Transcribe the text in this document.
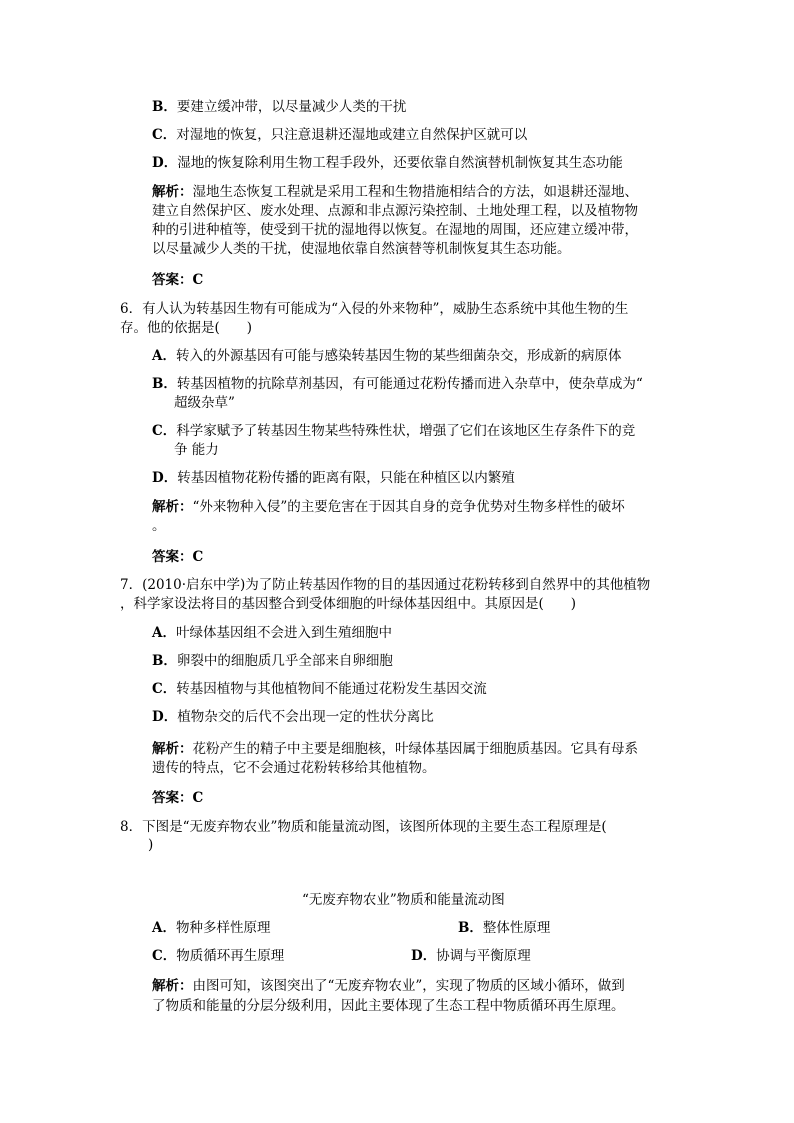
B．要建立缓冲带，以尽量减少人类的干扰
C．对湿地的恢复，只注意退耕还湿地或建立自然保护区就可以
D．湿地的恢复除利用生物工程手段外，还要依靠自然演替机制恢复其生态功能
解析：湿地生态恢复工程就是采用工程和生物措施相结合的方法，如退耕还湿地、
建立自然保护区、废水处理、点源和非点源污染控制、土地处理工程，以及植物物
种的引进种植等，使受到干扰的湿地得以恢复。在湿地的周围，还应建立缓冲带，
以尽量减少人类的干扰，使湿地依靠自然演替等机制恢复其生态功能。
答案：C
6．有人认为转基因生物有可能成为“入侵的外来物种”，威胁生态系统中其他生物的生
存。他的依据是(　　)
A．转入的外源基因有可能与感染转基因生物的某些细菌杂交，形成新的病原体
B．转基因植物的抗除草剂基因，有可能通过花粉传播而进入杂草中，使杂草成为“
超级杂草”
C．科学家赋予了转基因生物某些特殊性状，增强了它们在该地区生存条件下的竞
争 能力
D．转基因植物花粉传播的距离有限，只能在种植区以内繁殖
解析：“外来物种入侵”的主要危害在于因其自身的竞争优势对生物多样性的破坏
。
答案：C
7．(2010·启东中学)为了防止转基因作物的目的基因通过花粉转移到自然界中的其他植物
，科学家设法将目的基因整合到受体细胞的叶绿体基因组中。其原因是(　　)
A．叶绿体基因组不会进入到生殖细胞中
B．卵裂中的细胞质几乎全部来自卵细胞
C．转基因植物与其他植物间不能通过花粉发生基因交流
D．植物杂交的后代不会出现一定的性状分离比
解析：花粉产生的精子中主要是细胞核，叶绿体基因属于细胞质基因。它具有母系
遗传的特点，它不会通过花粉转移给其他植物。
答案：C
8．下图是“无废弃物农业”物质和能量流动图，该图所体现的主要生态工程原理是(
)
“无废弃物农业”物质和能量流动图
A．物种多样性原理	B．整体性原理
C．物质循环再生原理	D．协调与平衡原理
解析：由图可知，该图突出了“无废弃物农业”，实现了物质的区域小循环，做到
了物质和能量的分层分级利用，因此主要体现了生态工程中物质循环再生原理。
